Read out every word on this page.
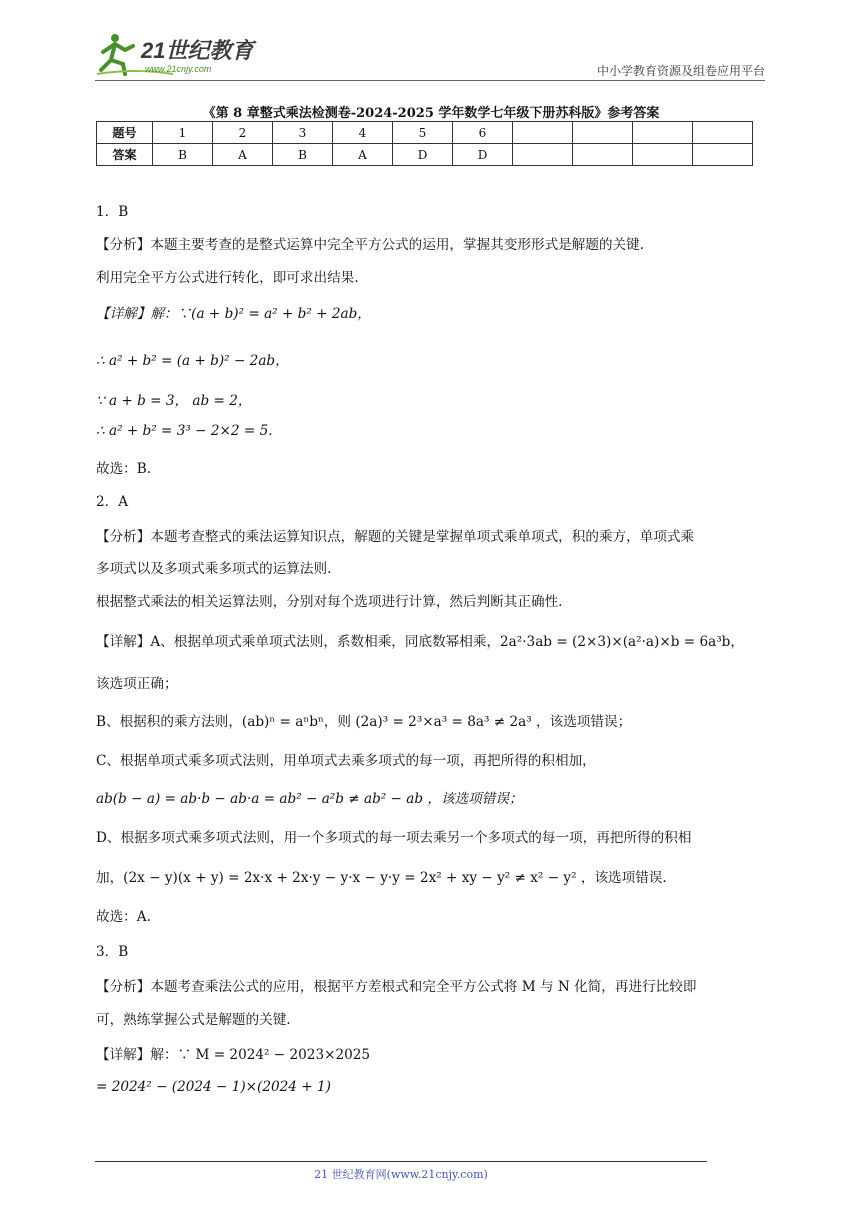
21世纪教育
www.21cnjy.com	中小学教育资源及组卷应用平台
《第 8 章整式乘法检测卷-2024-2025 学年数学七年级下册苏科版》参考答案
题号	1	2	3	4	5	6				
答案	B	A	B	A	D	D				
1．B
【分析】本题主要考查的是整式运算中完全平方公式的运用，掌握其变形形式是解题的关键.
利用完全平方公式进行转化，即可求出结果.
【详解】解：∵(a + b)² = a² + b² + 2ab，
∴ a² + b² = (a + b)² − 2ab，
∵ a + b = 3， ab = 2，
∴ a² + b² = 3³ − 2×2 = 5.
故选：B.
2．A
【分析】本题考查整式的乘法运算知识点，解题的关键是掌握单项式乘单项式，积的乘方，单项式乘
多项式以及多项式乘多项式的运算法则.
根据整式乘法的相关运算法则，分别对每个选项进行计算，然后判断其正确性.
【详解】A、根据单项式乘单项式法则，系数相乘，同底数幂相乘，2a²·3ab = (2×3)×(a²·a)×b = 6a³b，
该选项正确；
B、根据积的乘方法则，(ab)ⁿ = aⁿbⁿ，则 (2a)³ = 2³×a³ = 8a³ ≠ 2a³ ，该选项错误；
C、根据单项式乘多项式法则，用单项式去乘多项式的每一项，再把所得的积相加，
ab(b − a) = ab·b − ab·a = ab² − a²b ≠ ab² − ab ，该选项错误；
D、根据多项式乘多项式法则，用一个多项式的每一项去乘另一个多项式的每一项，再把所得的积相
加，(2x − y)(x + y) = 2x·x + 2x·y − y·x − y·y = 2x² + xy − y² ≠ x² − y² ，该选项错误.
故选：A.
3．B
【分析】本题考查乘法公式的应用，根据平方差根式和完全平方公式将 M 与 N 化简，再进行比较即
可，熟练掌握公式是解题的关键.
【详解】解：∵ M = 2024² − 2023×2025
= 2024² − (2024 − 1)×(2024 + 1)
21 世纪教育网(www.21cnjy.com)
